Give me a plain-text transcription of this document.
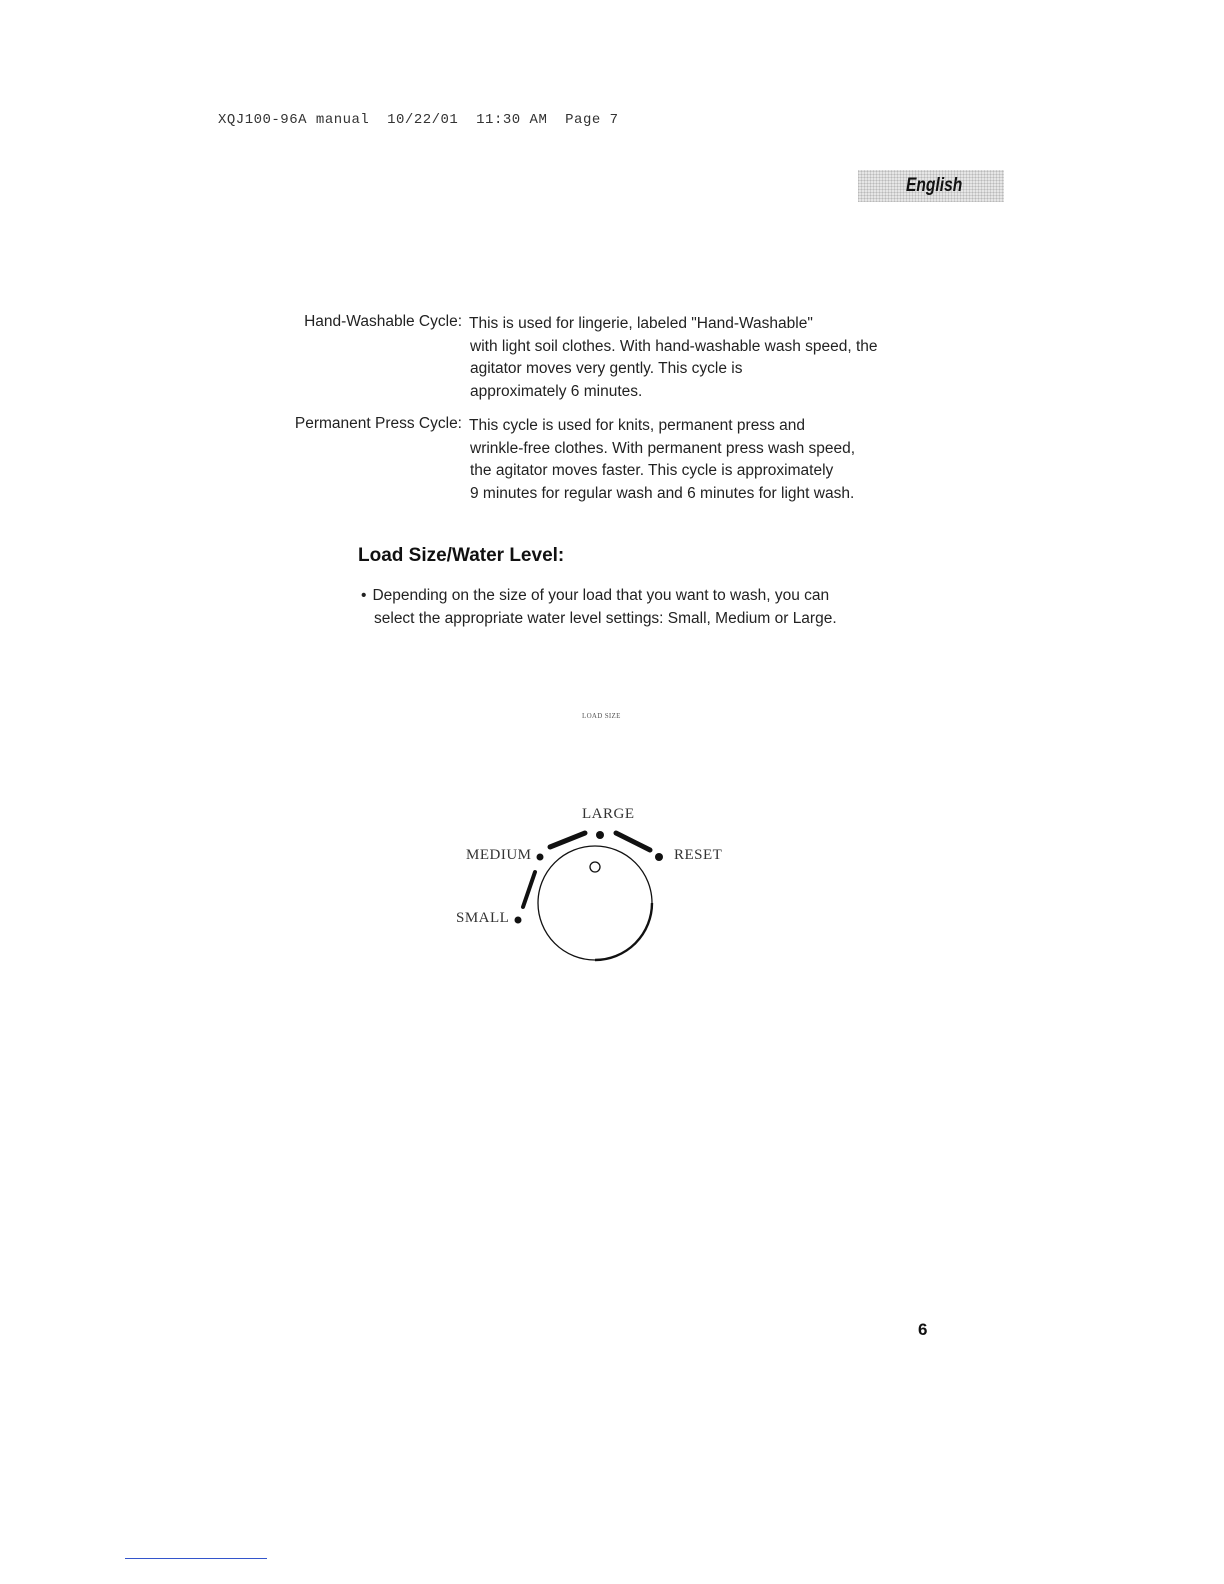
XQJ100-96A manual  10/22/01  11:30 AM  Page 7
English
Hand-Washable Cycle: This is used for lingerie, labeled "Hand-Washable"
with light soil clothes. With hand-washable wash speed, the
agitator moves very gently. This cycle is
approximately 6 minutes.
Permanent Press Cycle: This cycle is used for knits, permanent press and
wrinkle-free clothes. With permanent press wash speed,
the agitator moves faster. This cycle is approximately
9 minutes for regular wash and 6 minutes for light wash.
Load Size/Water Level:
• Depending on the size of your load that you want to wash, you can
select the appropriate water level settings: Small, Medium or Large.
LOAD SIZE
LARGE
MEDIUM	RESET
SMALL
6
